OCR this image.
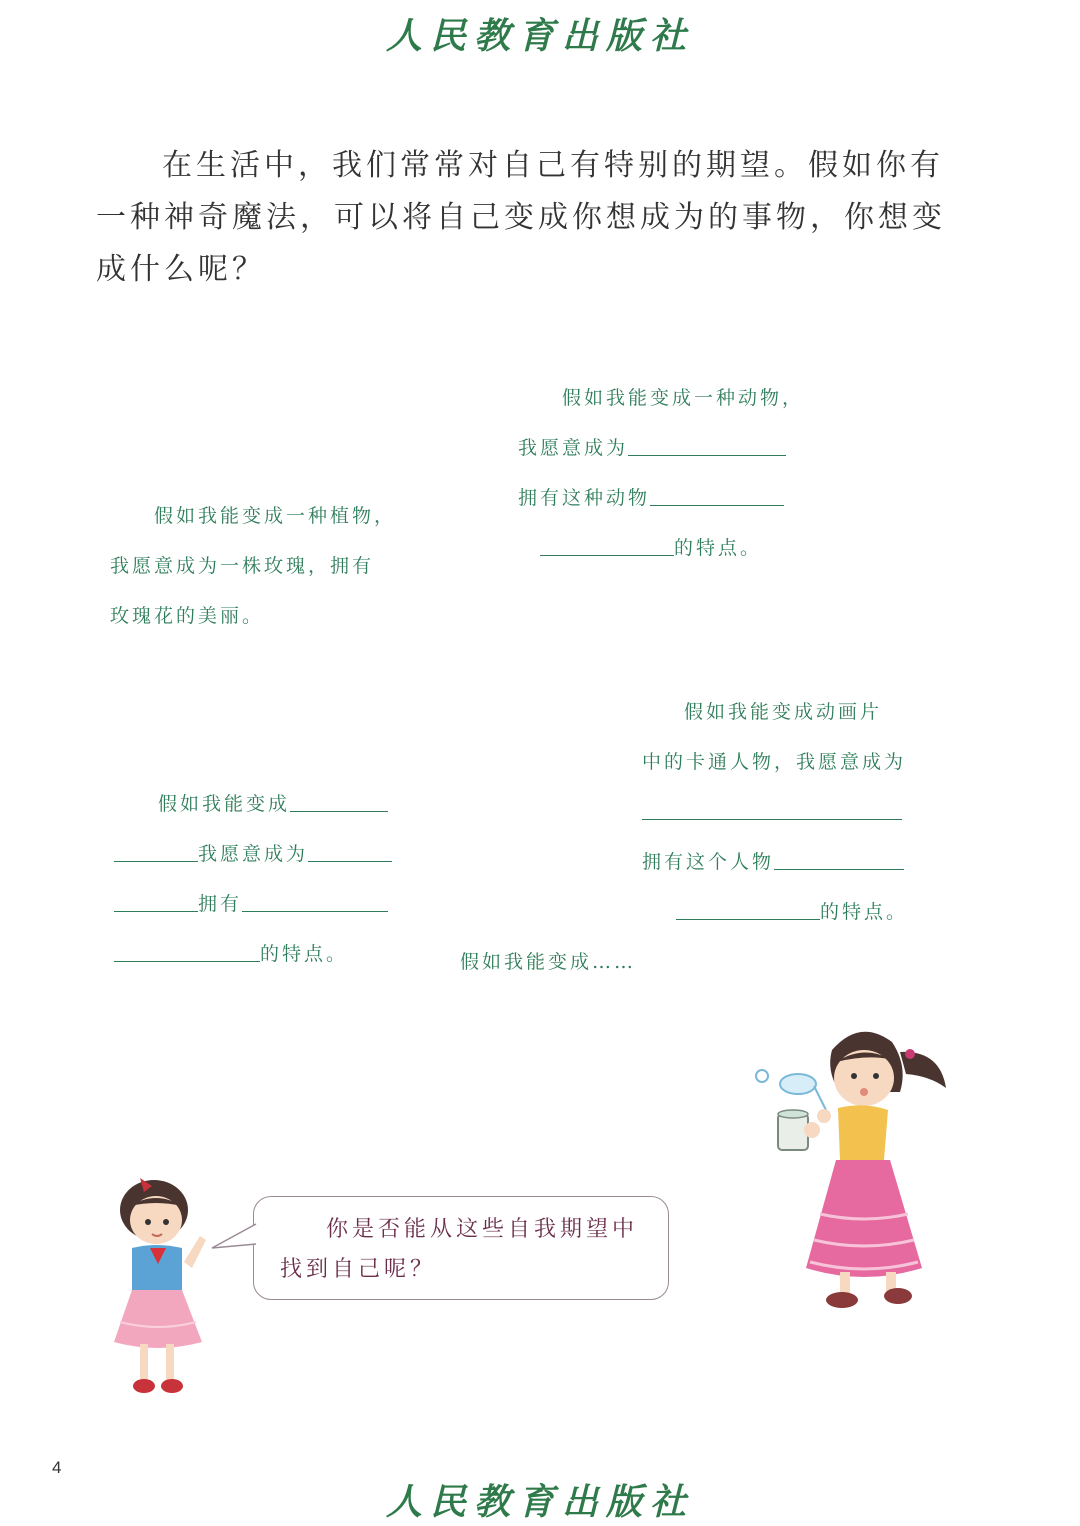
人民教育出版社

在生活中，我们常常对自己有特别的期望。假如你有一种神奇魔法，可以将自己变成你想成为的事物，你想变成什么呢？

假如我能变成一种动物，
我愿意成为
拥有这种动物
的特点。
假如我能变成一种植物，
我愿意成为一株玫瑰，拥有
玫瑰花的美丽。
假如我能变成动画片
中的卡通人物，我愿意成为
拥有这个人物
的特点。
假如我能变成
我愿意成为
拥有
的特点。	假如我能变成……
你是否能从这些自我期望中找到自己呢？
4
人民教育出版社
